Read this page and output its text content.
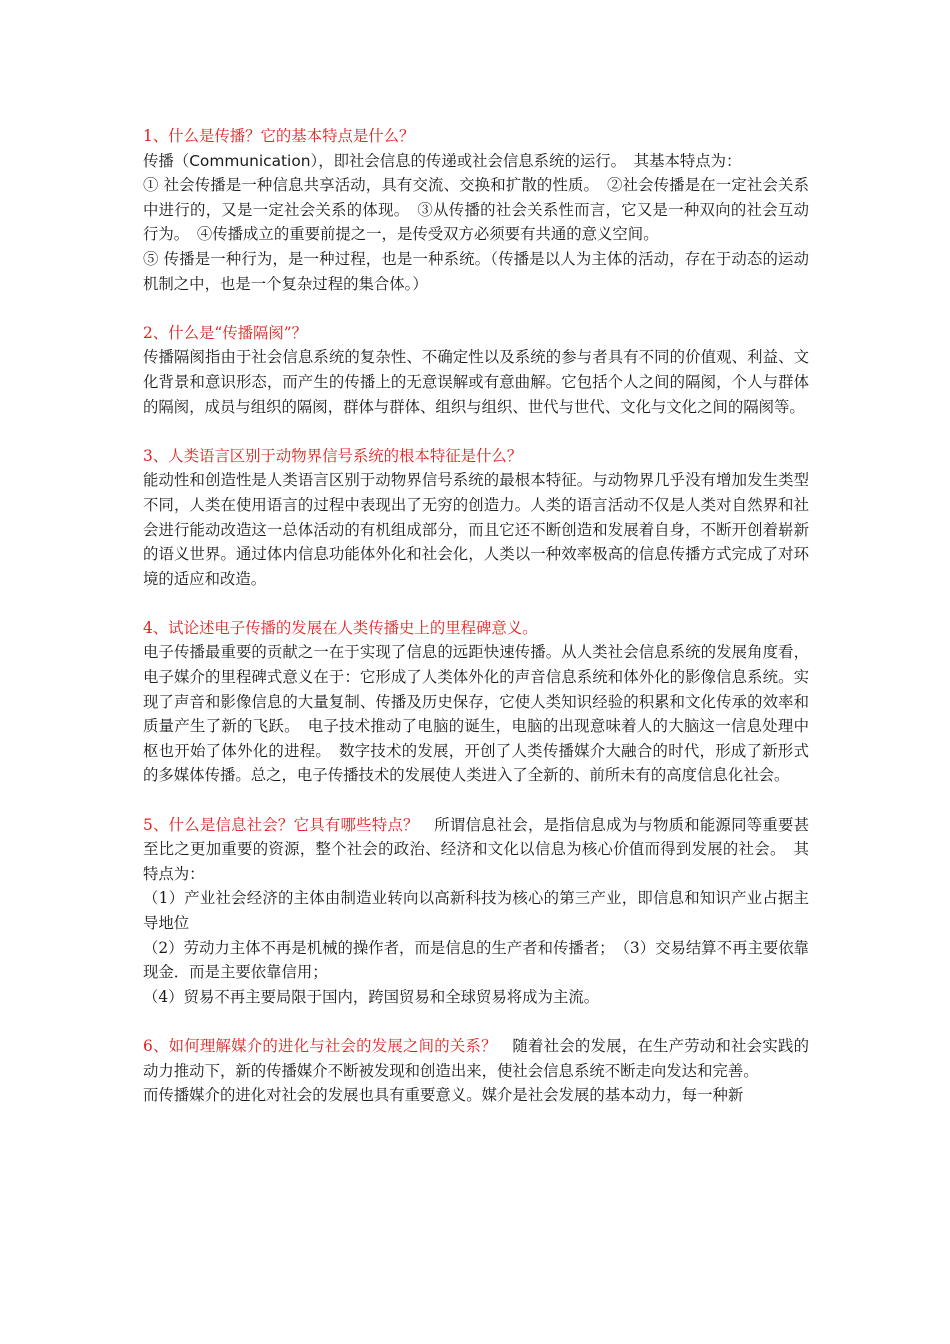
1、什么是传播？它的基本特点是什么？

传播（Communication），即社会信息的传递或社会信息系统的运行。　其基本特点为：

① 社会传播是一种信息共享活动，具有交流、交换和扩散的性质。　②社会传播是在一定社会关系中进行的，又是一定社会关系的体现。　③从传播的社会关系性而言，它又是一种双向的社会互动行为。　④传播成立的重要前提之一，是传受双方必须要有共通的意义空间。

⑤ 传播是一种行为，是一种过程，也是一种系统。（传播是以人为主体的活动，存在于动态的运动机制之中，也是一个复杂过程的集合体。）

2、什么是“传播隔阂”？

传播隔阂指由于社会信息系统的复杂性、不确定性以及系统的参与者具有不同的价值观、利益、文化背景和意识形态，而产生的传播上的无意误解或有意曲解。它包括个人之间的隔阂，个人与群体的隔阂，成员与组织的隔阂，群体与群体、组织与组织、世代与世代、文化与文化之间的隔阂等。

3、人类语言区别于动物界信号系统的根本特征是什么？

能动性和创造性是人类语言区别于动物界信号系统的最根本特征。与动物界几乎没有增加发生类型不同，人类在使用语言的过程中表现出了无穷的创造力。人类的语言活动不仅是人类对自然界和社会进行能动改造这一总体活动的有机组成部分，而且它还不断创造和发展着自身，不断开创着崭新的语义世界。通过体内信息功能体外化和社会化，人类以一种效率极高的信息传播方式完成了对环境的适应和改造。

4、试论述电子传播的发展在人类传播史上的里程碑意义。

电子传播最重要的贡献之一在于实现了信息的远距快速传播。从人类社会信息系统的发展角度看，电子媒介的里程碑式意义在于：它形成了人类体外化的声音信息系统和体外化的影像信息系统。实现了声音和影像信息的大量复制、传播及历史保存，它使人类知识经验的积累和文化传承的效率和质量产生了新的飞跃。　电子技术推动了电脑的诞生，电脑的出现意味着人的大脑这一信息处理中枢也开始了体外化的进程。　数字技术的发展，开创了人类传播媒介大融合的时代，形成了新形式的多媒体传播。总之，电子传播技术的发展使人类进入了全新的、前所未有的高度信息化社会。

5、什么是信息社会？它具有哪些特点？　所谓信息社会，是指信息成为与物质和能源同等重要甚至比之更加重要的资源，整个社会的政治、经济和文化以信息为核心价值而得到发展的社会。　其特点为：

（1）产业社会经济的主体由制造业转向以高新科技为核心的第三产业，即信息和知识产业占据主导地位

（2）劳动力主体不再是机械的操作者，而是信息的生产者和传播者；　（3）交易结算不再主要依靠现金．而是主要依靠信用；

（4）贸易不再主要局限于国内，跨国贸易和全球贸易将成为主流。

6、如何理解媒介的进化与社会的发展之间的关系？　随着社会的发展，在生产劳动和社会实践的动力推动下，新的传播媒介不断被发现和创造出来，使社会信息系统不断走向发达和完善。

而传播媒介的进化对社会的发展也具有重要意义。媒介是社会发展的基本动力，每一种新
